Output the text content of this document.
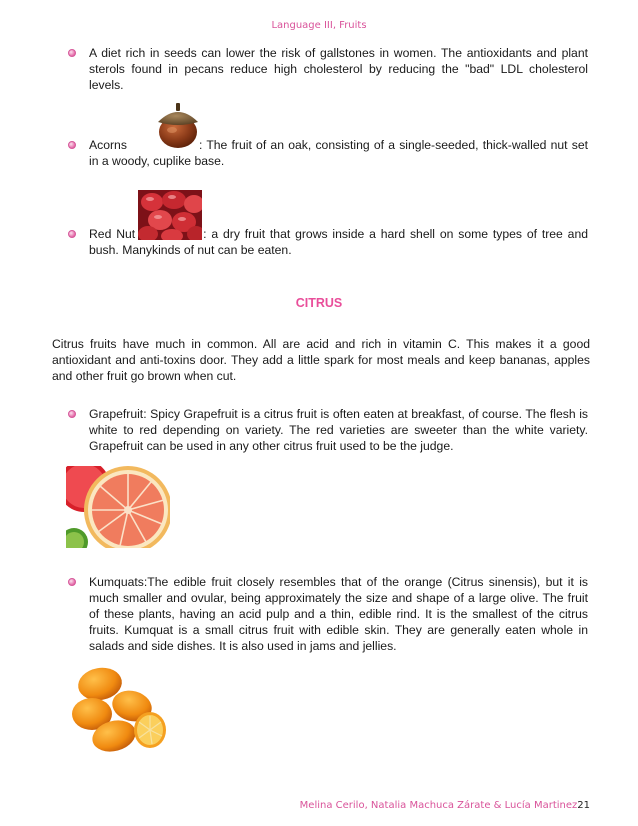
Language III, Fruits
A diet rich in seeds can lower the risk of gallstones in women. The antioxidants and plant sterols found in pecans reduce high cholesterol by reducing the "bad" LDL cholesterol levels.
Acorns	: The fruit of an oak, consisting of a single-seeded, thick-walled nut set in a woody, cuplike base.
Red Nut	: a dry fruit that grows inside a hard shell on some types of tree and bush. Manykinds of nut can be eaten.
CITRUS
Citrus fruits have much in common. All are acid and rich in vitamin C. This makes it a good antioxidant and anti-toxins door. They add a little spark for most meals and keep bananas, apples and other fruit go brown when cut.
Grapefruit: Spicy Grapefruit is a citrus fruit is often eaten at breakfast, of course. The flesh is white to red depending on variety. The red varieties are sweeter than the white variety. Grapefruit can be used in any other citrus fruit used to be the judge.
Kumquats:The edible fruit closely resembles that of the orange (Citrus sinensis), but it is much smaller and ovular, being approximately the size and shape of a large olive. The fruit of these plants, having an acid pulp and a thin, edible rind. It is the smallest of the citrus fruits. Kumquat is a small citrus fruit with edible skin. They are generally eaten whole in salads and side dishes. It is also used in jams and jellies.
Melina Cerilo, Natalia Machuca Zárate & Lucía Martinez21
